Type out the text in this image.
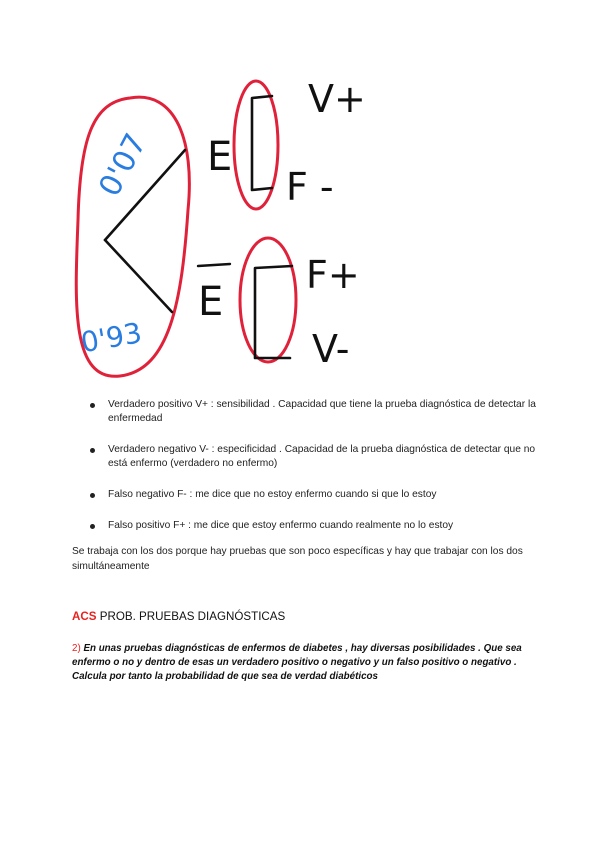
0'07
0'93
E
E
V+
F -
F+
V-
Verdadero positivo V+ : sensibilidad . Capacidad que tiene la prueba diagnóstica de detectar la enfermedad
Verdadero negativo V- : especificidad . Capacidad de la prueba diagnóstica de detectar que no está enfermo (verdadero no enfermo)
Falso negativo F- : me dice que no estoy enfermo cuando si que lo estoy
Falso positivo F+ : me dice que estoy enfermo cuando realmente no lo estoy

Se trabaja con los dos porque hay pruebas que son poco específicas y hay que trabajar con los dos simultáneamente

ACS PROB. PRUEBAS DIAGNÓSTICAS

2) En unas pruebas diagnósticas de enfermos de diabetes , hay diversas posibilidades . Que sea enfermo o no y dentro de esas un verdadero positivo o negativo y un falso positivo o negativo .
Calcula por tanto la probabilidad de que sea de verdad diabéticos
